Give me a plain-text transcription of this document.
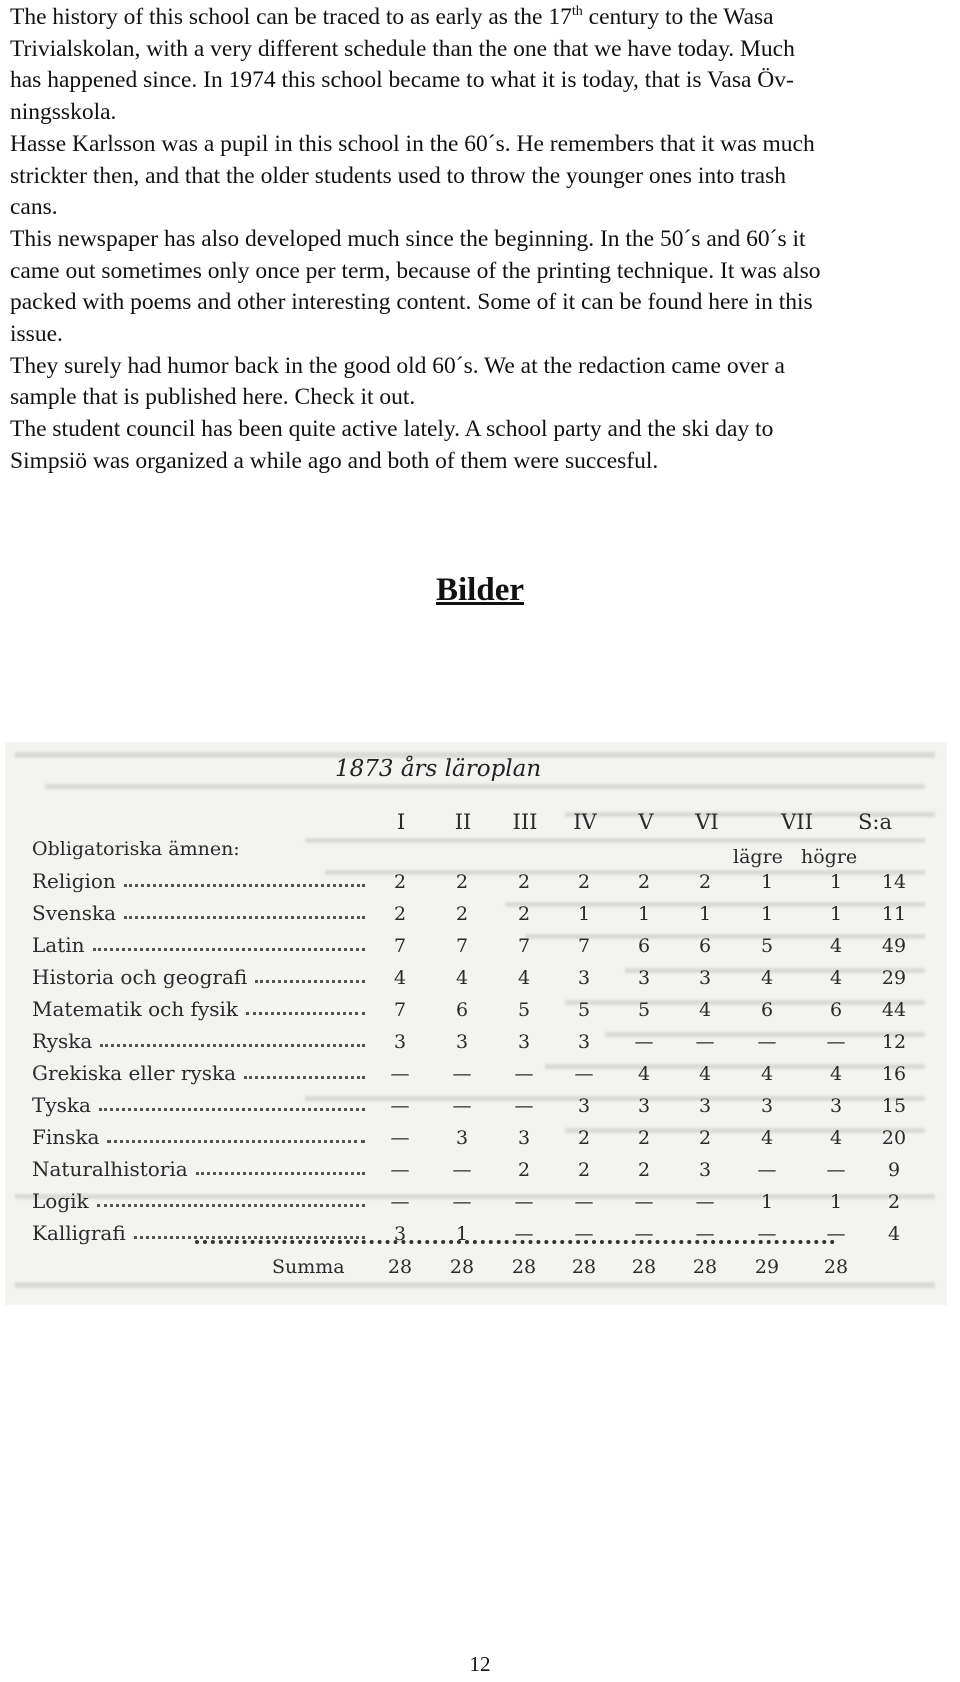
The history of this school can be traced to as early as the 17th century to the Wasa
Trivialskolan, with a very different schedule than the one that we have today. Much
has happened since. In 1974 this school became to what it is today, that is Vasa Öv-
ningsskola.

Hasse Karlsson was a pupil in this school in the 60´s. He remembers that it was much
strickter then, and that the older students used to throw the younger ones into trash
cans.

This newspaper has also developed much since the beginning. In the 50´s and 60´s it
came out sometimes only once per term, because of the printing technique. It was also
packed with poems and other interesting content. Some of it can be found here in this
issue.

They surely had humor back in the good old 60´s. We at the redaction came over a
sample that is published here. Check it out.

The student council has been quite active lately. A school party and the ski day to
Simpsiö was organized a while ago and both of them were succesful.

Bilder
1873 års läroplan
I	II	III	IV	V	VI	VII	S:a
Obligatoriska ämnen:	lägre högre
Religion	2	2	2	2	2	2	1	1	14
Svenska	2	2	2	1	1	1	1	1	11
Latin	7	7	7	7	6	6	5	4	49
Historia och geografi	4	4	4	3	3	3	4	4	29
Matematik och fysik	7	6	5	5	5	4	6	6	44
Ryska	3	3	3	3	—	—	—	—	12
Grekiska eller ryska	—	—	—	—	4	4	4	4	16
Tyska	—	—	—	3	3	3	3	3	15
Finska	—	3	3	2	2	2	4	4	20
Naturalhistoria	—	—	2	2	2	3	—	—	9
Logik	—	—	—	—	—	—	1	1	2
Kalligrafi	3	1	—	—	—	—	—	—	4
Summa	28	28	28	28	28	28	29	28
12
